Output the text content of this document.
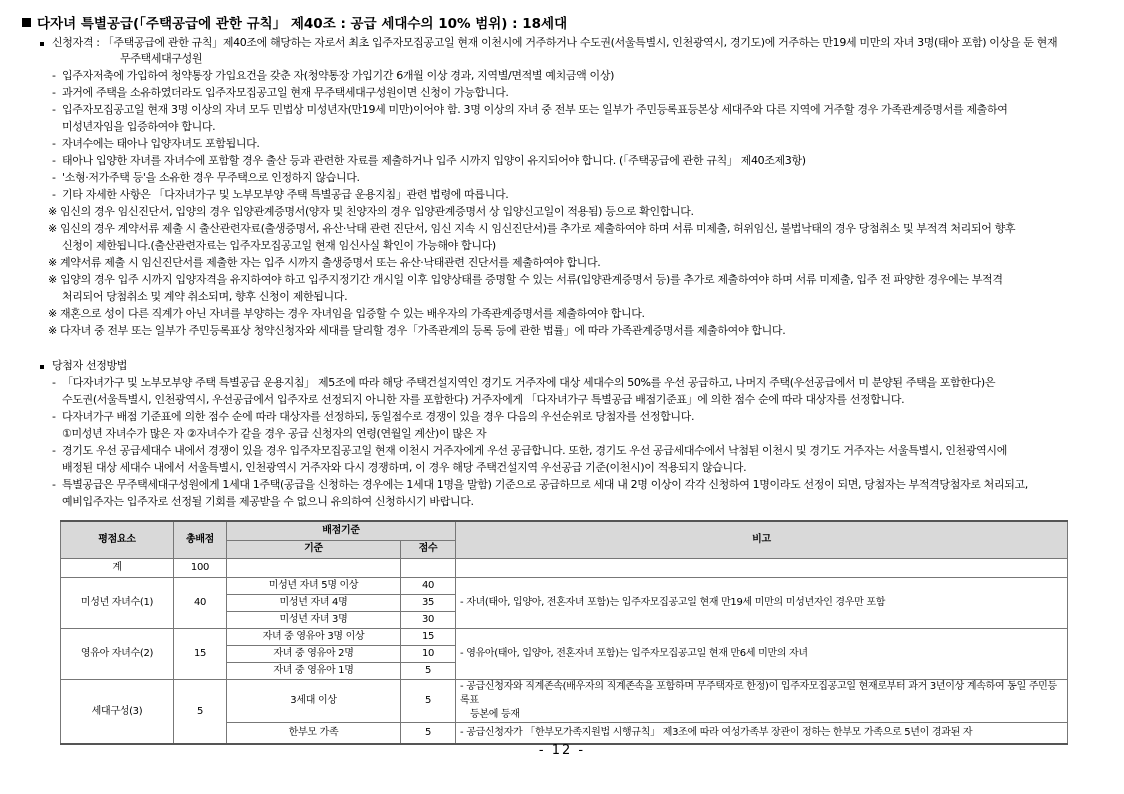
다자녀 특별공급(「주택공급에 관한 규칙」 제40조 : 공급 세대수의 10% 범위) : 18세대
신청자격 : 「주택공급에 관한 규칙」제40조에 해당하는 자로서 최초 입주자모집공고일 현재 이천시에 거주하거나 수도권(서울특별시, 인천광역시, 경기도)에 거주하는 만19세 미만의 자녀 3명(태아 포함) 이상을 둔 현재
무주택세대구성원
- 입주자저축에 가입하여 청약통장 가입요건을 갖춘 자(청약통장 가입기간 6개월 이상 경과, 지역별/면적별 예치금액 이상)
- 과거에 주택을 소유하였더라도 입주자모집공고일 현재 무주택세대구성원이면 신청이 가능합니다.
- 입주자모집공고일 현재 3명 이상의 자녀 모두 민법상 미성년자(만19세 미만)이어야 함. 3명 이상의 자녀 중 전부 또는 일부가 주민등록표등본상 세대주와 다른 지역에 거주할 경우 가족관계증명서를 제출하여
미성년자임을 입증하여야 합니다.
- 자녀수에는 태아나 입양자녀도 포함됩니다.
- 태아나 입양한 자녀를 자녀수에 포함할 경우 출산 등과 관련한 자료를 제출하거나 입주 시까지 입양이 유지되어야 합니다. (「주택공급에 관한 규칙」 제40조제3항)
- '소형·저가주택 등'을 소유한 경우 무주택으로 인정하지 않습니다.
- 기타 자세한 사항은 「다자녀가구 및 노부모부양 주택 특별공급 운용지침」관련 법령에 따릅니다.
※ 임신의 경우 임신진단서, 입양의 경우 입양관계증명서(양자 및 친양자의 경우 입양관계증명서 상 입양신고일이 적용됨) 등으로 확인합니다.
※ 임신의 경우 계약서류 제출 시 출산관련자료(출생증명서, 유산·낙태 관련 진단서, 임신 지속 시 임신진단서)를 추가로 제출하여야 하며 서류 미제출, 허위임신, 불법낙태의 경우 당첨취소 및 부적격 처리되어 향후
신청이 제한됩니다.(출산관련자료는 입주자모집공고일 현재 임신사실 확인이 가능해야 합니다)
※ 계약서류 제출 시 임신진단서를 제출한 자는 입주 시까지 출생증명서 또는 유산·낙태관련 진단서를 제출하여야 합니다.
※ 입양의 경우 입주 시까지 입양자격을 유지하여야 하고 입주지정기간 개시일 이후 입양상태를 증명할 수 있는 서류(입양관계증명서 등)를 추가로 제출하여야 하며 서류 미제출, 입주 전 파양한 경우에는 부적격
처리되어 당첨취소 및 계약 취소되며, 향후 신청이 제한됩니다.
※ 재혼으로 성이 다른 직계가 아닌 자녀를 부양하는 경우 자녀임을 입증할 수 있는 배우자의 가족관계증명서를 제출하여야 합니다.
※ 다자녀 중 전부 또는 일부가 주민등록표상 청약신청자와 세대를 달리할 경우「가족관계의 등록 등에 관한 법률」에 따라 가족관계증명서를 제출하여야 합니다.
당첨자 선정방법
- 「다자녀가구 및 노부모부양 주택 특별공급 운용지침」 제5조에 따라 해당 주택건설지역인 경기도 거주자에 대상 세대수의 50%를 우선 공급하고, 나머지 주택(우선공급에서 미 분양된 주택을 포함한다)은
수도권(서울특별시, 인천광역시, 우선공급에서 입주자로 선정되지 아니한 자를 포함한다) 거주자에게 「다자녀가구 특별공급 배점기준표」에 의한 점수 순에 따라 대상자를 선정합니다.
- 다자녀가구 배점 기준표에 의한 점수 순에 따라 대상자를 선정하되, 동일점수로 경쟁이 있을 경우 다음의 우선순위로 당첨자를 선정합니다.
①미성년 자녀수가 많은 자 ②자녀수가 같을 경우 공급 신청자의 연령(연월일 계산)이 많은 자
- 경기도 우선 공급세대수 내에서 경쟁이 있을 경우 입주자모집공고일 현재 이천시 거주자에게 우선 공급합니다. 또한, 경기도 우선 공급세대수에서 낙첨된 이천시 및 경기도 거주자는 서울특별시, 인천광역시에
배정된 대상 세대수 내에서 서울특별시, 인천광역시 거주자와 다시 경쟁하며, 이 경우 해당 주택건설지역 우선공급 기준(이천시)이 적용되지 않습니다.
- 특별공급은 무주택세대구성원에게 1세대 1주택(공급을 신청하는 경우에는 1세대 1명을 말함) 기준으로 공급하므로 세대 내 2명 이상이 각각 신청하여 1명이라도 선정이 되면, 당첨자는 부적격당첨자로 처리되고,
예비입주자는 입주자로 선정될 기회를 제공받을 수 없으니 유의하여 신청하시기 바랍니다.
평점요소	총배점	배점기준		비고
		기준	점수	
계	100			
미성년 자녀수(1)	40	미성년 자녀 5명 이상	40	- 자녀(태아, 입양아, 전혼자녀 포함)는 입주자모집공고일 현재 만19세 미만의 미성년자인 경우만 포함
		미성년 자녀 4명	35	
		미성년 자녀 3명	30	
영유아 자녀수(2)	15	자녀 중 영유아 3명 이상	15	- 영유아(태아, 입양아, 전혼자녀 포함)는 입주자모집공고일 현재 만6세 미만의 자녀
		자녀 중 영유아 2명	10	
		자녀 중 영유아 1명	5	
세대구성(3)	5	3세대 이상	5	- 공급신청자와 직계존속(배우자의 직계존속을 포함하며 무주택자로 한정)이 입주자모집공고일 현재로부터 과거 3년이상 계속하여 동일 주민등록표
등본에 등재

		한부모 가족	5	- 공급신청자가 「한부모가족지원법 시행규칙」 제3조에 따라 여성가족부 장관이 정하는 한부모 가족으로 5년이 경과된 자
- 12 -
